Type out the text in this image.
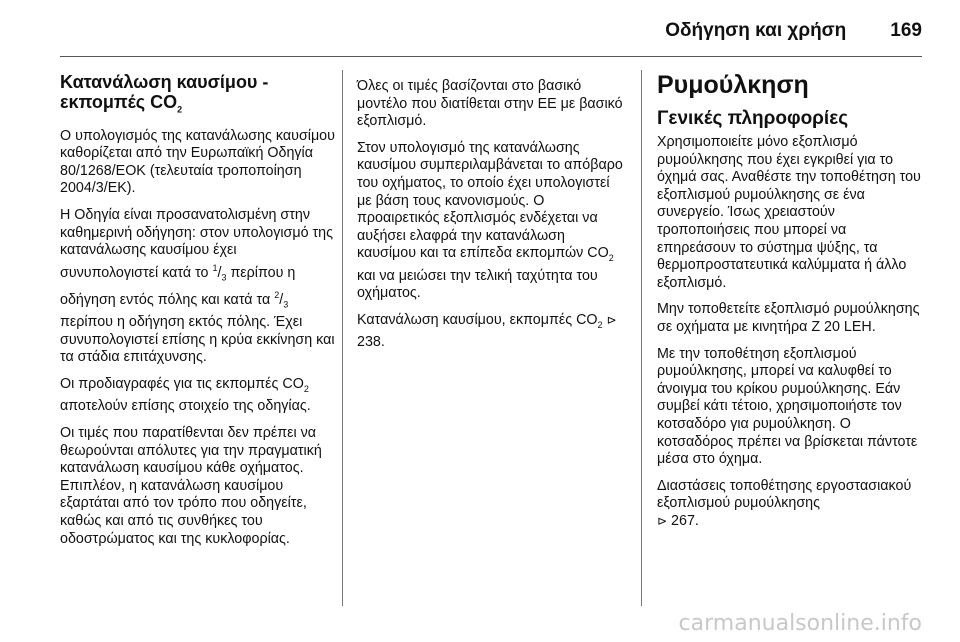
Οδήγηση και χρήση 169
Κατανάλωση καυσίμου -
εκπομπές $CO_2$

Ο υπολογισμός της κατανάλωσης καυσίμου καθορίζεται από την Ευρωπαϊκή Οδηγία 80/1268/ΕΟΚ (τελευταία τροποποίηση 2004/3/ΕΚ).

Η Οδηγία είναι προσανατολισμένη στην καθημερινή οδήγηση: στον υπολογισμό της κατανάλωσης καυσίμου έχει συνυπολογιστεί κατά το $^1/_3$ περίπου η οδήγηση εντός πόλης και κατά τα $^2/_3$ περίπου η οδήγηση εκτός πόλης. Έχει συνυπολογιστεί επίσης η κρύα εκκίνηση και τα στάδια επιτάχυνσης.

Οι προδιαγραφές για τις εκπομπές $CO_2$ αποτελούν επίσης στοιχείο της οδηγίας.

Οι τιμές που παρατίθενται δεν πρέπει να θεωρούνται απόλυτες για την πραγματική κατανάλωση καυσίμου κάθε οχήματος. Επιπλέον, η κατανάλωση καυσίμου εξαρτάται από τον τρόπο που οδηγείτε, καθώς και από τις συνθήκες του οδοστρώματος και της κυκλοφορίας.

Όλες οι τιμές βασίζονται στο βασικό μοντέλο που διατίθεται στην ΕΕ με βασικό εξοπλισμό.

Στον υπολογισμό της κατανάλωσης καυσίμου συμπεριλαμβάνεται το απόβαρο του οχήματος, το οποίο έχει υπολογιστεί με βάση τους κανονισμούς. Ο προαιρετικός εξοπλισμός ενδέχεται να αυξήσει ελαφρά την κατανάλωση καυσίμου και τα επίπεδα εκπομπών $CO_2$ και να μειώσει την τελική ταχύτητα του οχήματος.

Κατανάλωση καυσίμου, εκπομπές $CO_2$ ⊳ 238.

Ρυμούλκηση
Γενικές πληροφορίες

Χρησιμοποιείτε μόνο εξοπλισμό ρυμούλκησης που έχει εγκριθεί για το όχημά σας. Αναθέστε την τοποθέτηση του εξοπλισμού ρυμούλκησης σε ένα συνεργείο. Ίσως χρειαστούν τροποποιήσεις που μπορεί να επηρεάσουν το σύστημα ψύξης, τα θερμοπροστατευτικά καλύμματα ή άλλο εξοπλισμό.

Μην τοποθετείτε εξοπλισμό ρυμούλκησης σε οχήματα με κινητήρα Z 20 LEH.

Με την τοποθέτηση εξοπλισμού ρυμούλκησης, μπορεί να καλυφθεί το άνοιγμα του κρίκου ρυμούλκησης. Εάν συμβεί κάτι τέτοιο, χρησιμοποιήστε τον κοτσαδόρο για ρυμούλκηση. Ο κοτσαδόρος πρέπει να βρίσκεται πάντοτε μέσα στο όχημα.

Διαστάσεις τοποθέτησης εργοστασιακού εξοπλισμού ρυμούλκησης
⊳ 267.

carmanualsonline.info
